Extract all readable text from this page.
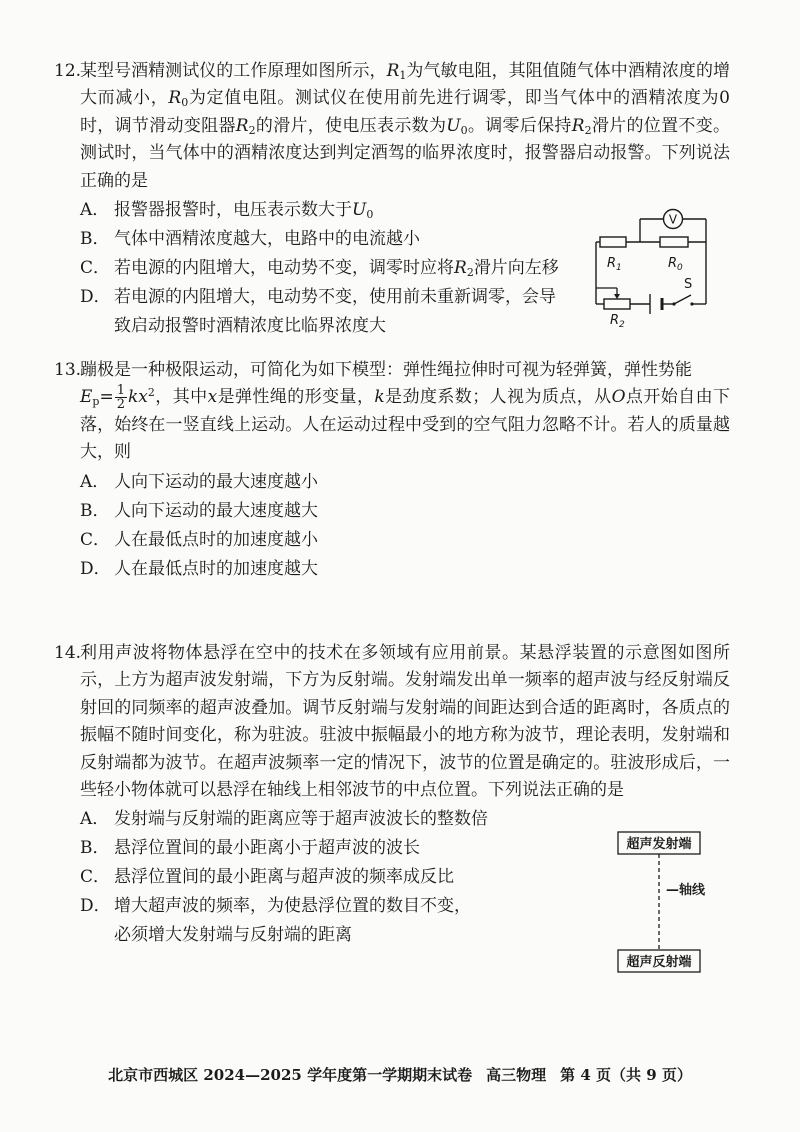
12.

某型号酒精测试仪的工作原理如图所示，$R_1$为气敏电阻，其阻值随气体中酒精浓度的增大而减小，$R_0$为定值电阻。测试仪在使用前先进行调零，即当气体中的酒精浓度为0时，调节滑动变阻器$R_2$的滑片，使电压表示数为$U_0$。调零后保持$R_2$滑片的位置不变。测试时，当气体中的酒精浓度达到判定酒驾的临界浓度时，报警器启动报警。下列说法正确的是

A． 报警器报警时，电压表示数大于$U_0$
B． 气体中酒精浓度越大，电路中的电流越小
C． 若电源的内阻增大，电动势不变，调零时应将$R_2$滑片向左移
D． 若电源的内阻增大，电动势不变，使用前未重新调零，会导致启动报警时酒精浓度比临界浓度大
V
$R_1$	$R_0$
$R_2$
S
13.

蹦极是一种极限运动，可简化为如下模型：弹性绳拉伸时可视为轻弹簧，弹性势能
$E_p= \frac{1}{2} kx^2$，其中x是弹性绳的形变量，k是劲度系数；人视为质点，从O点开始自由下落，始终在一竖直线上运动。人在运动过程中受到的空气阻力忽略不计。若人的质量越大，则

A． 人向下运动的最大速度越小
B． 人向下运动的最大速度越大
C． 人在最低点时的加速度越小
D． 人在最低点时的加速度越大
14.

利用声波将物体悬浮在空中的技术在多领域有应用前景。某悬浮装置的示意图如图所示，上方为超声波发射端，下方为反射端。发射端发出单一频率的超声波与经反射端反射回的同频率的超声波叠加。调节反射端与发射端的间距达到合适的距离时，各质点的振幅不随时间变化，称为驻波。驻波中振幅最小的地方称为波节，理论表明，发射端和反射端都为波节。在超声波频率一定的情况下，波节的位置是确定的。驻波形成后，一些轻小物体就可以悬浮在轴线上相邻波节的中点位置。下列说法正确的是

A． 发射端与反射端的距离应等于超声波波长的整数倍
B． 悬浮位置间的最小距离小于超声波的波长
C． 悬浮位置间的最小距离与超声波的频率成反比
D． 增大超声波的频率，为使悬浮位置的数目不变，必须增大发射端与反射端的距离
超声发射端
—轴线
超声反射端
北京市西城区 2024—2025 学年度第一学期期末试卷 高三物理 第 4 页（共 9 页）
